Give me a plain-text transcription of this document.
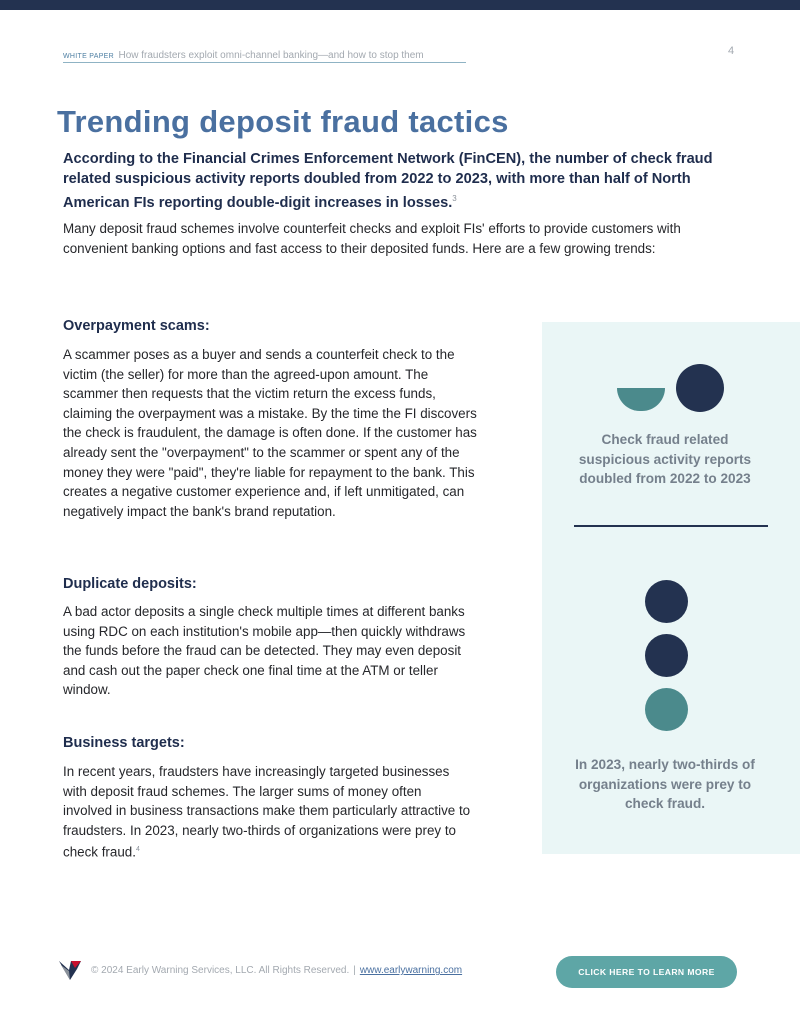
WHITE PAPER How fraudsters exploit omni-channel banking—and how to stop them	4
Trending deposit fraud tactics

According to the Financial Crimes Enforcement Network (FinCEN), the number of check fraud related suspicious activity reports doubled from 2022 to 2023, with more than half of North American FIs reporting double-digit increases in losses.$^3$

Many deposit fraud schemes involve counterfeit checks and exploit FIs' efforts to provide customers with convenient banking options and fast access to their deposited funds. Here are a few growing trends:

Overpayment scams:

A scammer poses as a buyer and sends a counterfeit check to the victim (the seller) for more than the agreed-upon amount. The scammer then requests that the victim return the excess funds, claiming the overpayment was a mistake. By the time the FI discovers the check is fraudulent, the damage is often done. If the customer has already sent the "overpayment" to the scammer or spent any of the money they were "paid", they're liable for repayment to the bank. This creates a negative customer experience and, if left unmitigated, can negatively impact the bank's brand reputation.

Duplicate deposits:

A bad actor deposits a single check multiple times at different banks using RDC on each institution's mobile app—then quickly withdraws the funds before the fraud can be detected. They may even deposit and cash out the paper check one final time at the ATM or teller window.

Business targets:

In recent years, fraudsters have increasingly targeted businesses with deposit fraud schemes. The larger sums of money often involved in business transactions make them particularly attractive to fraudsters. In 2023, nearly two-thirds of organizations were prey to check fraud.$^4$

Check fraud related suspicious activity reports doubled from 2022 to 2023
In 2023, nearly two-thirds of organizations were prey to check fraud.
© 2024 Early Warning Services, LLC. All Rights Reserved. | www.earlywarning.com	CLICK HERE TO LEARN MORE
